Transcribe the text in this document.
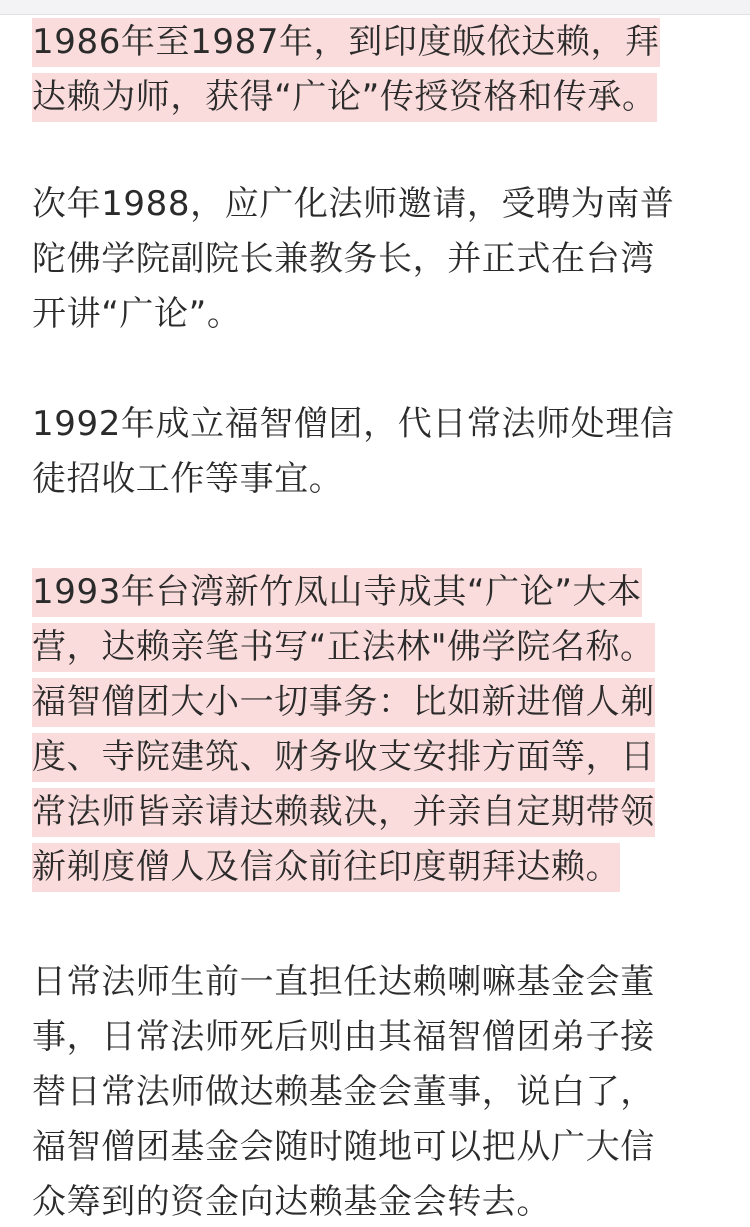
1986年至1987年，到印度皈依达赖，拜
达赖为师，获得“广论”传授资格和传承。
次年1988，应广化法师邀请，受聘为南普
陀佛学院副院长兼教务长，并正式在台湾
开讲“广论”。
1992年成立福智僧团，代日常法师处理信
徒招收工作等事宜。
1993年台湾新竹凤山寺成其“广论”大本
营，达赖亲笔书写“正法林"佛学院名称。
福智僧团大小一切事务：比如新进僧人剃
度、寺院建筑、财务收支安排方面等，日
常法师皆亲请达赖裁决，并亲自定期带领
新剃度僧人及信众前往印度朝拜达赖。
日常法师生前一直担任达赖喇嘛基金会董
事，日常法师死后则由其福智僧团弟子接
替日常法师做达赖基金会董事，说白了，
福智僧团基金会随时随地可以把从广大信
众筹到的资金向达赖基金会转去。
